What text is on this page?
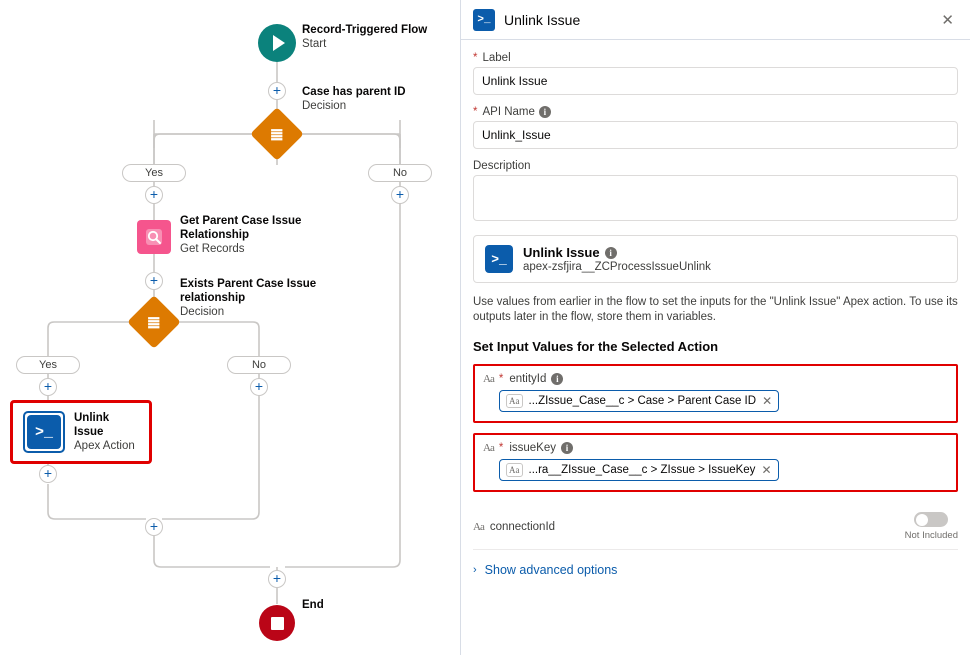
Record-Triggered Flow
Start
+
≣
Case has parent ID
Decision
Yes	No
+	+
Get Parent Case Issue Relationship
Get Records
+
≣
Exists Parent Case Issue relationship
Decision
Yes	No
+	+
>_
Unlink Issue
Apex Action
+
+
+
End
>_ Unlink Issue	✕
* Label
Unlink Issue
* API Name i
Unlink_Issue
Description
>_	Unlink Issue	i
apex-zsfjira__ZCProcessIssueUnlink
Use values from earlier in the flow to set the inputs for the "Unlink Issue" Apex action. To use its outputs later in the flow, store them in variables.
Set Input Values for the Selected Action
Aa * entityId	i
Aa ...ZIssue_Case__c > Case > Parent Case ID ✕
Aa * issueKey	i
Aa ...ra__ZIssue_Case__c > ZIssue > IssueKey ✕
Aa connectionId
Not Included
› Show advanced options
